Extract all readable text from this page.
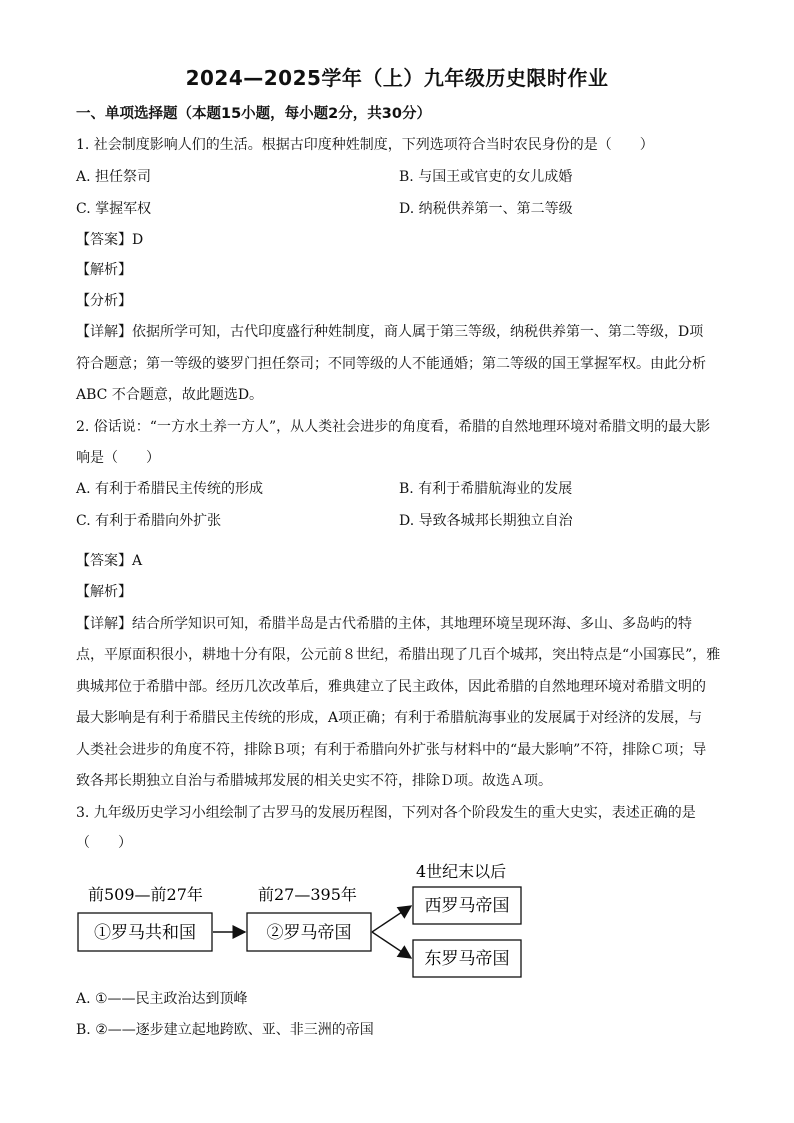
2024—2025学年（上）九年级历史限时作业
一、单项选择题（本题15小题，每小题2分，共30分）
1. 社会制度影响人们的生活。根据古印度种姓制度，下列选项符合当时农民身份的是（　　）
A. 担任祭司	B. 与国王或官吏的女儿成婚
C. 掌握军权	D. 纳税供养第一、第二等级
【答案】D
【解析】
【分析】
【详解】依据所学可知，古代印度盛行种姓制度，商人属于第三等级，纳税供养第一、第二等级，D项
符合题意；第一等级的婆罗门担任祭司；不同等级的人不能通婚；第二等级的国王掌握军权。由此分析
ABC 不合题意，故此题选D。
2. 俗话说：“一方水土养一方人”，从人类社会进步的角度看，希腊的自然地理环境对希腊文明的最大影
响是（　　）
A. 有利于希腊民主传统的形成	B. 有利于希腊航海业的发展
C. 有利于希腊向外扩张	D. 导致各城邦长期独立自治
【答案】A
【解析】
【详解】结合所学知识可知，希腊半岛是古代希腊的主体，其地理环境呈现环海、多山、多岛屿的特
点，平原面积很小，耕地十分有限，公元前８世纪，希腊出现了几百个城邦，突出特点是“小国寡民”，雅
典城邦位于希腊中部。经历几次改革后，雅典建立了民主政体，因此希腊的自然地理环境对希腊文明的
最大影响是有利于希腊民主传统的形成，A项正确；有利于希腊航海事业的发展属于对经济的发展，与
人类社会进步的角度不符，排除Ｂ项；有利于希腊向外扩张与材料中的“最大影响”不符，排除Ｃ项；导
致各邦长期独立自治与希腊城邦发展的相关史实不符，排除Ｄ项。故选Ａ项。
3. 九年级历史学习小组绘制了古罗马的发展历程图，下列对各个阶段发生的重大史实，表述正确的是
（　　）
前509—前27年	前27—395年
4世纪末以后
①罗马共和国	②罗马帝国
西罗马帝国
东罗马帝国
A. ①——民主政治达到顶峰
B. ②——逐步建立起地跨欧、亚、非三洲的帝国
